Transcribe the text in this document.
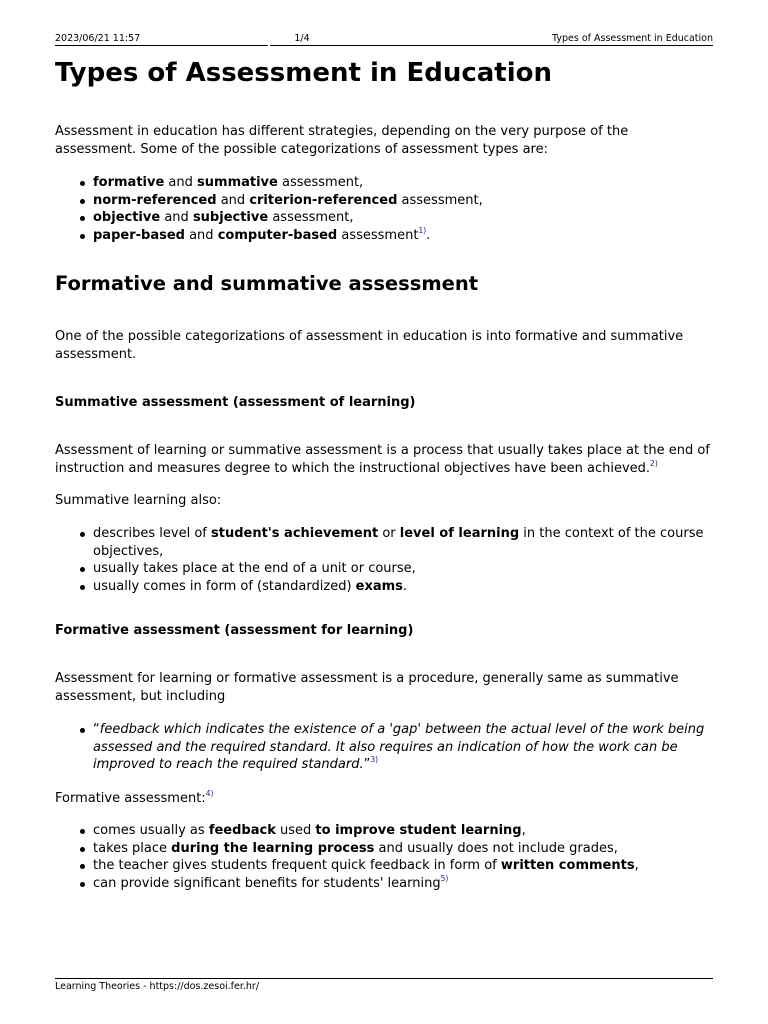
2023/06/21 11:57	1/4	Types of Assessment in Education
Types of Assessment in Education

Assessment in education has different strategies, depending on the very purpose of the assessment. Some of the possible categorizations of assessment types are:

formative and summative assessment,
norm-referenced and criterion-referenced assessment,
objective and subjective assessment,
paper-based and computer-based assessment$^{1)}$.
Formative and summative assessment

One of the possible categorizations of assessment in education is into formative and summative assessment.

Summative assessment (assessment of learning)

Assessment of learning or summative assessment is a process that usually takes place at the end of instruction and measures degree to which the instructional objectives have been achieved.$^{2)}$

Summative learning also:

describes level of student's achievement or level of learning in the context of the course objectives,
usually takes place at the end of a unit or course,
usually comes in form of (standardized) exams.
Formative assessment (assessment for learning)

Assessment for learning or formative assessment is a procedure, generally same as summative assessment, but including

“feedback which indicates the existence of a 'gap' between the actual level of the work being assessed and the required standard. It also requires an indication of how the work can be improved to reach the required standard.”$^{3)}$

Formative assessment:$^{4)}$

comes usually as feedback used to improve student learning,
takes place during the learning process and usually does not include grades,
the teacher gives students frequent quick feedback in form of written comments,
can provide significant benefits for students' learning$^{5)}$
Learning Theories - https://dos.zesoi.fer.hr/
